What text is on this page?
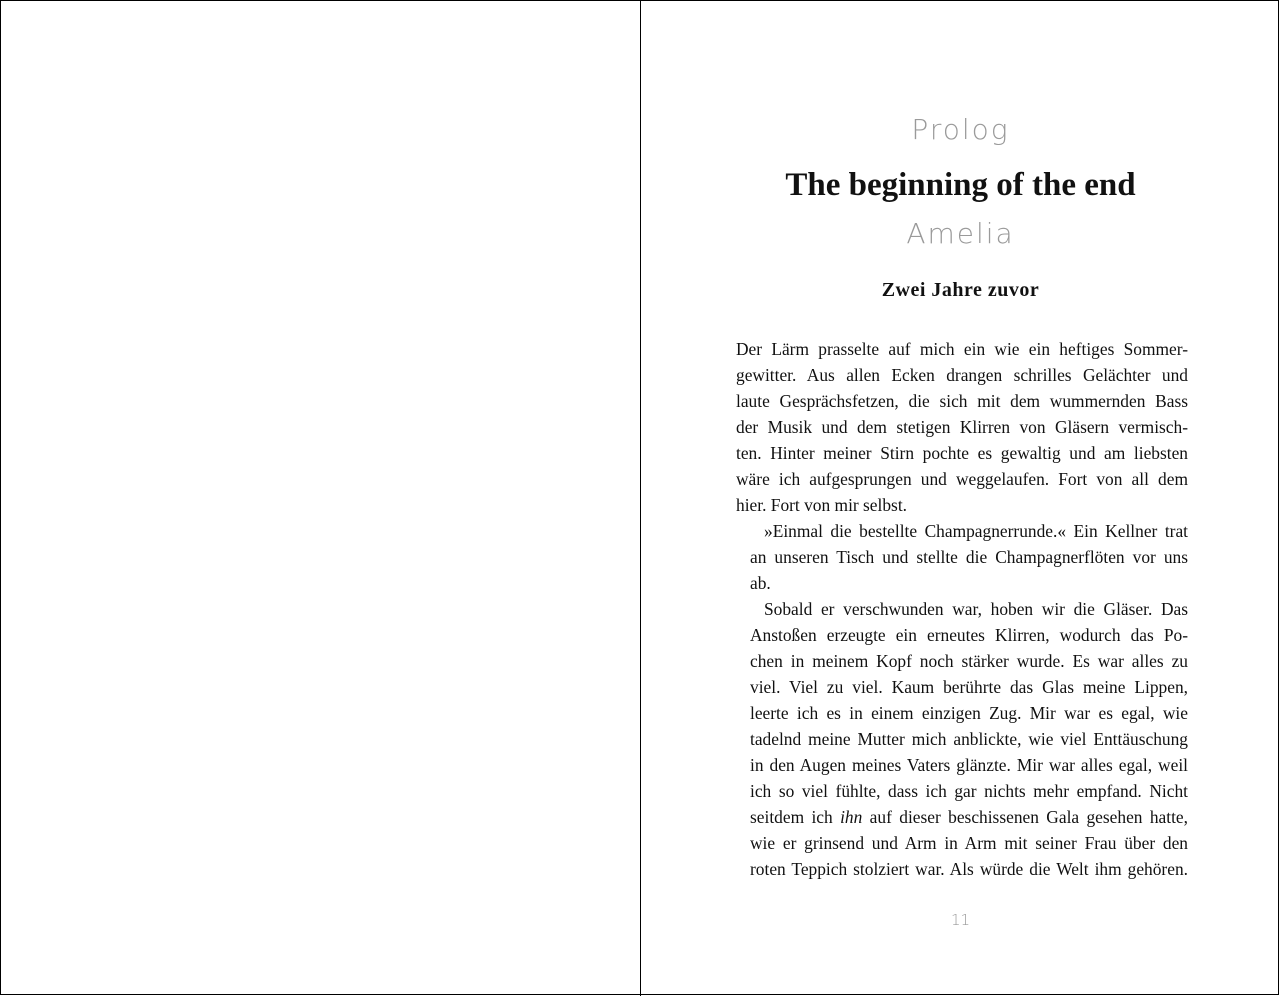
Prolog
The beginning of the end
Amelia
Zwei Jahre zuvor

Der Lärm prasselte auf mich ein wie ein heftiges Sommer-
gewitter. Aus allen Ecken drangen schrilles Gelächter und
laute Gesprächsfetzen, die sich mit dem wummernden Bass
der Musik und dem stetigen Klirren von Gläsern vermisch-
ten. Hinter meiner Stirn pochte es gewaltig und am liebsten
wäre ich aufgesprungen und weggelaufen. Fort von all dem
hier. Fort von mir selbst.

»Einmal die bestellte Champagnerrunde.« Ein Kellner trat
an unseren Tisch und stellte die Champagnerflöten vor uns
ab.

Sobald er verschwunden war, hoben wir die Gläser. Das
Anstoßen erzeugte ein erneutes Klirren, wodurch das Po-
chen in meinem Kopf noch stärker wurde. Es war alles zu
viel. Viel zu viel. Kaum berührte das Glas meine Lippen,
leerte ich es in einem einzigen Zug. Mir war es egal, wie
tadelnd meine Mutter mich anblickte, wie viel Enttäuschung
in den Augen meines Vaters glänzte. Mir war alles egal, weil
ich so viel fühlte, dass ich gar nichts mehr empfand. Nicht
seitdem ich ihn auf dieser beschissenen Gala gesehen hatte,
wie er grinsend und Arm in Arm mit seiner Frau über den
roten Teppich stolziert war. Als würde die Welt ihm gehören.

11
